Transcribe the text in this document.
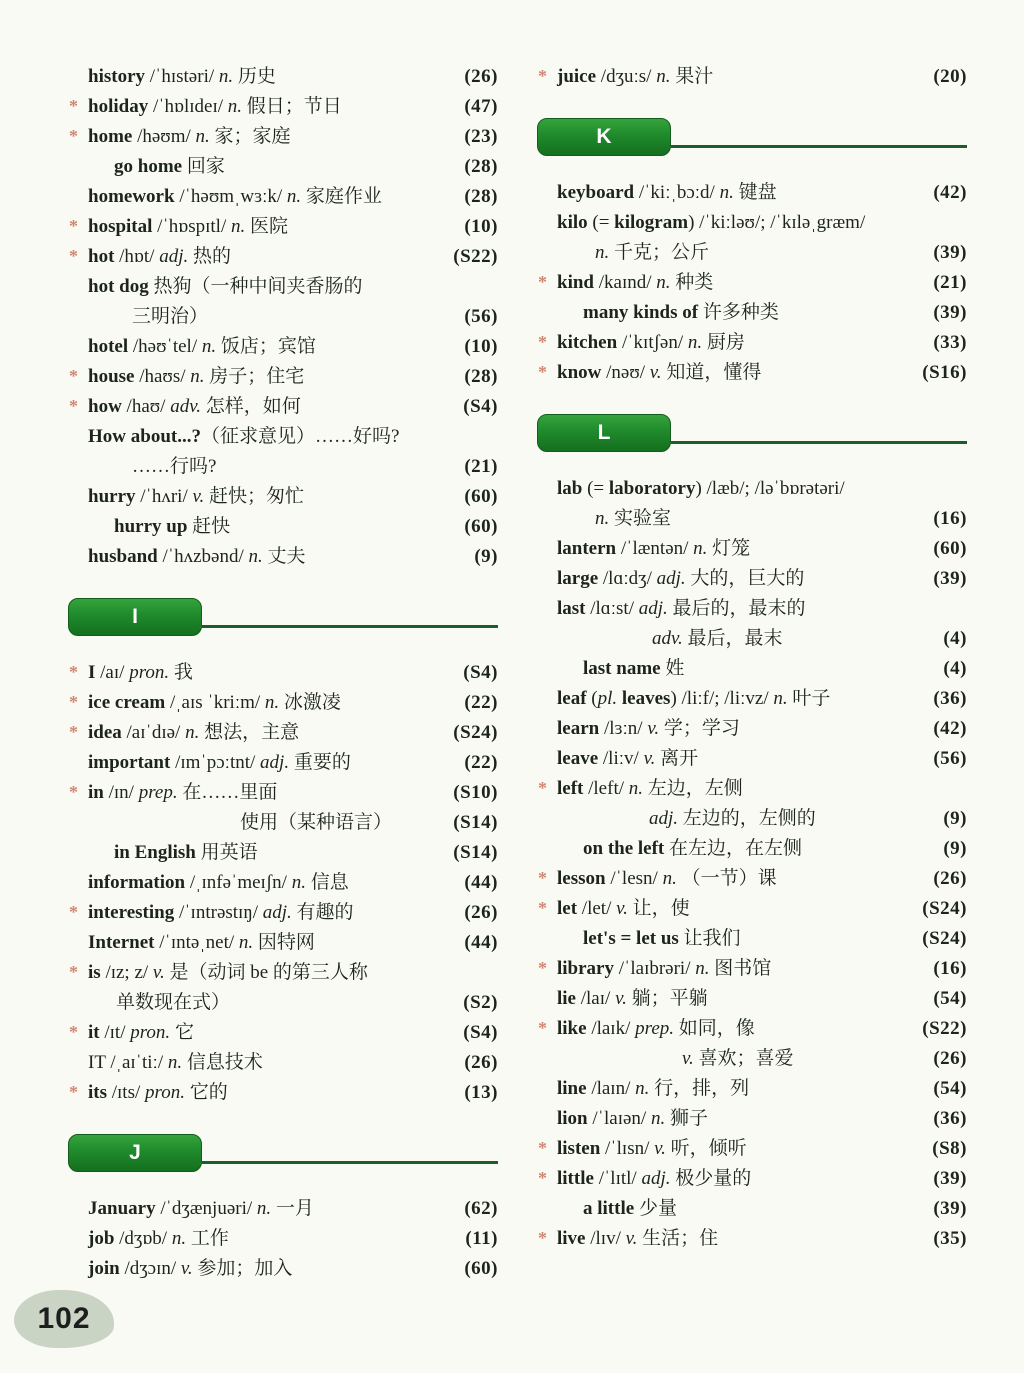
history /ˈhɪstəri/ n. 历史	(26)
* holiday /ˈhɒlɪdeɪ/ n. 假日；节日	(47)
* home /həʊm/ n. 家；家庭	(23)
go home 回家	(28)
homework /ˈhəʊmˌwɜːk/ n. 家庭作业	(28)
* hospital /ˈhɒspɪtl/ n. 医院	(10)
* hot /hɒt/ adj. 热的	(S22)
hot dog 热狗（一种中间夹香肠的
三明治）	(56)
hotel /həʊˈtel/ n. 饭店；宾馆	(10)
* house /haʊs/ n. 房子；住宅	(28)
* how /haʊ/ adv. 怎样，如何	(S4)
How about...?（征求意见）……好吗?
……行吗?	(21)
hurry /ˈhʌri/ v. 赶快；匆忙	(60)
hurry up 赶快	(60)
husband /ˈhʌzbənd/ n. 丈夫	(9)
I
* I /aɪ/ pron. 我	(S4)
* ice cream /ˌaɪs ˈkriːm/ n. 冰激凌	(22)
* idea /aɪˈdɪə/ n. 想法，主意	(S24)
important /ɪmˈpɔːtnt/ adj. 重要的	(22)
* in /ɪn/ prep. 在……里面	(S10)
使用（某种语言）	(S14)
in English 用英语	(S14)
information /ˌɪnfəˈmeɪʃn/ n. 信息	(44)
* interesting /ˈɪntrəstɪŋ/ adj. 有趣的	(26)
Internet /ˈɪntəˌnet/ n. 因特网	(44)
* is /ɪz; z/ v. 是（动词 be 的第三人称
单数现在式）	(S2)
* it /ɪt/ pron. 它	(S4)
IT /ˌaɪˈtiː/ n. 信息技术	(26)
* its /ɪts/ pron. 它的	(13)
J
January /ˈdʒænjuəri/ n. 一月	(62)
job /dʒɒb/ n. 工作	(11)
join /dʒɔɪn/ v. 参加；加入	(60)
* juice /dʒuːs/ n. 果汁	(20)
K
keyboard /ˈkiːˌbɔːd/ n. 键盘	(42)
kilo (= kilogram) /ˈkiːləʊ/; /ˈkɪləˌgræm/
n. 千克；公斤	(39)
* kind /kaɪnd/ n. 种类	(21)
many kinds of 许多种类	(39)
* kitchen /ˈkɪtʃən/ n. 厨房	(33)
* know /nəʊ/ v. 知道，懂得	(S16)
L
lab (= laboratory) /læb/; /ləˈbɒrətəri/
n. 实验室	(16)
lantern /ˈlæntən/ n. 灯笼	(60)
large /lɑːdʒ/ adj. 大的，巨大的	(39)
last /lɑːst/ adj. 最后的，最末的
adv. 最后，最末	(4)
last name 姓	(4)
leaf (pl. leaves) /liːf/; /liːvz/ n. 叶子	(36)
learn /lɜːn/ v. 学；学习	(42)
leave /liːv/ v. 离开	(56)
* left /left/ n. 左边，左侧
adj. 左边的，左侧的	(9)
on the left 在左边，在左侧	(9)
* lesson /ˈlesn/ n. （一节）课	(26)
* let /let/ v. 让，使	(S24)
let's = let us 让我们	(S24)
* library /ˈlaɪbrəri/ n. 图书馆	(16)
lie /laɪ/ v. 躺；平躺	(54)
* like /laɪk/ prep. 如同，像	(S22)
v. 喜欢；喜爱	(26)
line /laɪn/ n. 行，排，列	(54)
lion /ˈlaɪən/ n. 狮子	(36)
* listen /ˈlɪsn/ v. 听，倾听	(S8)
* little /ˈlɪtl/ adj. 极少量的	(39)
a little 少量	(39)
* live /lɪv/ v. 生活；住	(35)
102
